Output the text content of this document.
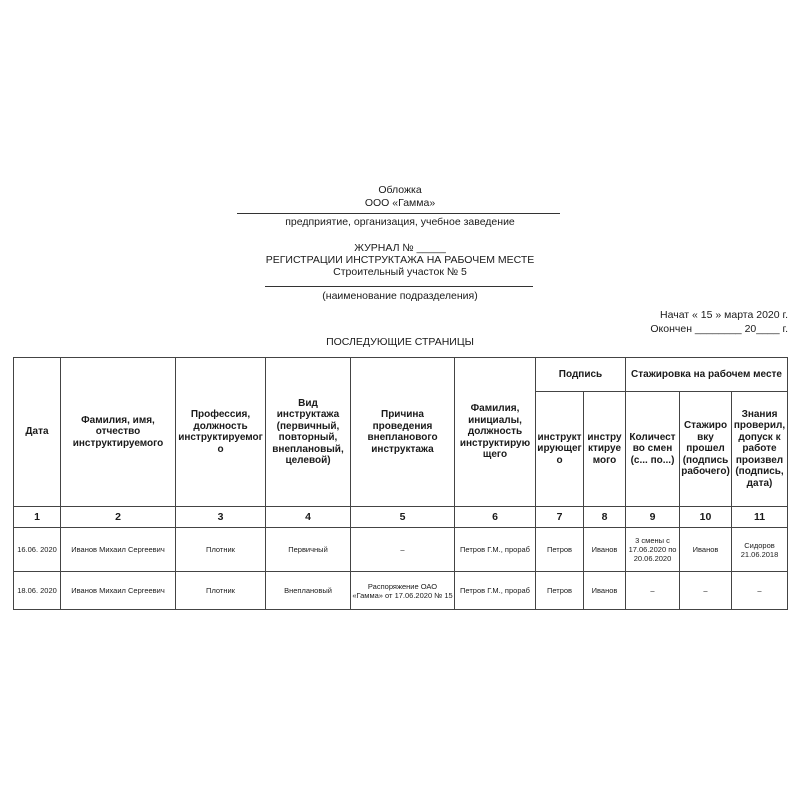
Обложка
ООО «Гамма»
предприятие, организация, учебное заведение
ЖУРНАЛ № _____
РЕГИСТРАЦИИ ИНСТРУКТАЖА НА РАБОЧЕМ МЕСТЕ
Строительный участок № 5
(наименование подразделения)
Начат « 15 » марта 2020 г.
Окончен ________ 20____ г.
ПОСЛЕДУЮЩИЕ СТРАНИЦЫ
Дата	Фамилия, имя, отчество инструктируемого	Профессия, должность инструктируемого	Вид инструктажа (первичный, повторный, внеплановый, целевой)	Причина проведения внепланового инструктажа	Фамилия, инициалы, должность инструктирующего	Подпись		Стажировка на рабочем месте		
						инструктирующего	инструктируемого	Количество смен (с... по...)	Стажировку прошел (подпись рабочего)	Знания проверил, допуск к работе произвел (подпись, дата)
1	2	3	4	5	6	7	8	9	10	11
16.06. 2020	Иванов Михаил Сергеевич	Плотник	Первичный	–	Петров Г.М., прораб	Петров	Иванов	3 смены с 17.06.2020 по 20.06.2020	Иванов	Сидоров 21.06.2018
18.06. 2020	Иванов Михаил Сергеевич	Плотник	Внеплановый	Распоряжение ОАО «Гамма» от 17.06.2020 № 15	Петров Г.М., прораб	Петров	Иванов	–	–	–
